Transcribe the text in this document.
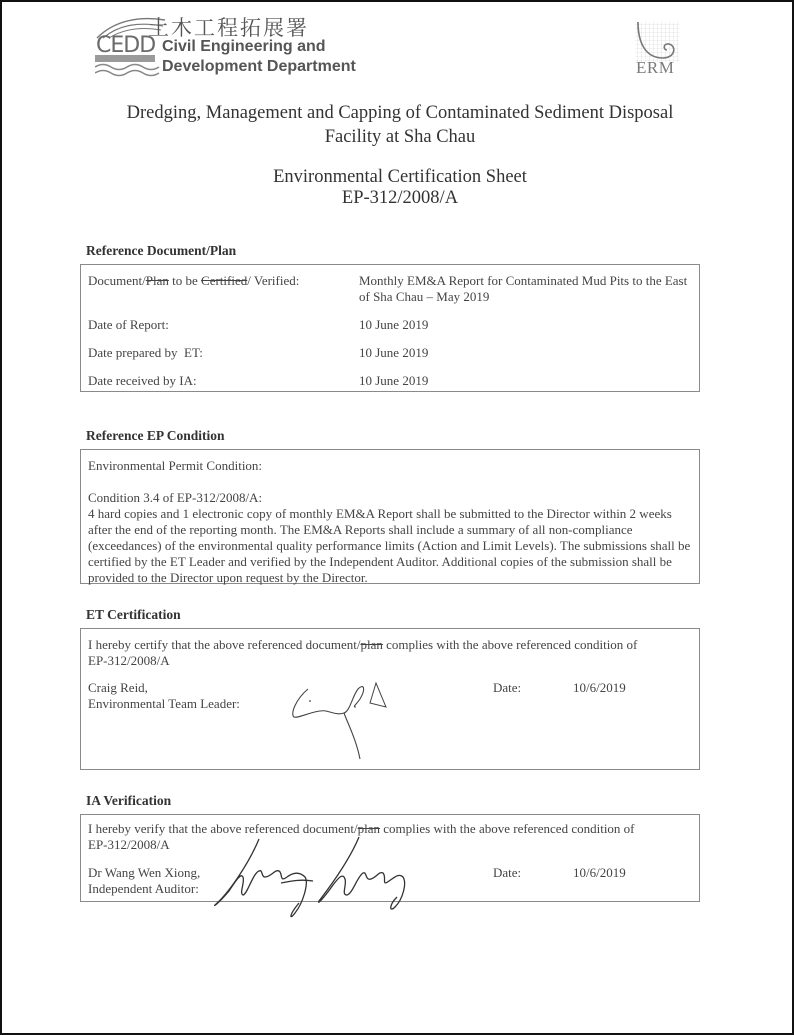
土木工程拓展署
CEDD Civil Engineering and
Development Department	ERM
Dredging, Management and Capping of Contaminated Sediment Disposal
Facility at Sha Chau
Environmental Certification Sheet
EP-312/2008/A
Reference Document/Plan
Document/Plan to be Certified/ Verified:	Monthly EM&A Report for Contaminated Mud Pits to the East of Sha Chau – May 2019
Date of Report:	10 June 2019
Date prepared by  ET:	10 June 2019
Date received by IA:	10 June 2019
Reference EP Condition
Environmental Permit Condition:
Condition 3.4 of EP-312/2008/A:
4 hard copies and 1 electronic copy of monthly EM&A Report shall be submitted to the Director within 2 weeks after the end of the reporting month. The EM&A Reports shall include a summary of all non-compliance (exceedances) of the environmental quality performance limits (Action and Limit Levels). The submissions shall be certified by the ET Leader and verified by the Independent Auditor. Additional copies of the submission shall be provided to the Director upon request by the Director.
ET Certification
I hereby certify that the above referenced document/plan complies with the above referenced condition of
EP-312/2008/A
Craig Reid,
Environmental Team Leader:
Date:	10/6/2019
IA Verification
I hereby verify that the above referenced document/plan complies with the above referenced condition of
EP-312/2008/A
Dr Wang Wen Xiong,
Independent Auditor:
Date:	10/6/2019
